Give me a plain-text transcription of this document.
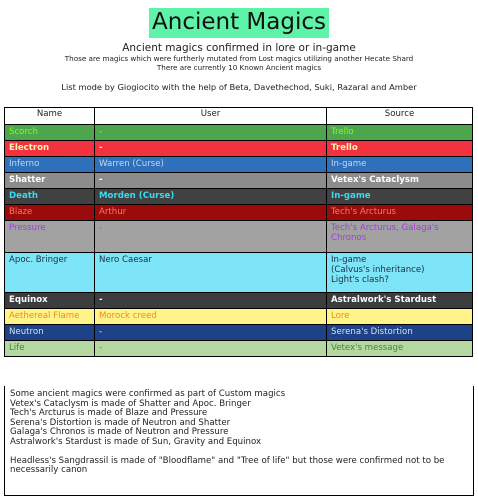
Ancient Magics
Ancient magics confirmed in lore or in-game
Those are magics which were furtherly mutated from Lost magics utilizing another Hecate Shard
There are currently 10 Known Ancient magics
List mode by Giogiocito with the help of Beta, Davethechod, Suki, Razaral and Amber
Name	User	Source
Scorch	-	Trello
Electron	-	Trello
Inferno	Warren (Curse)	In-game
Shatter	-	Vetex's Cataclysm
Death	Morden (Curse)	In-game
Blaze	Arthur	Tech's Arcturus
Pressure	-	Tech's Arcturus, Galaga's Chronos
Apoc. Bringer	Nero Caesar	In-game
(Calvus's inheritance)
Light's clash?
Equinox	-	Astralwork's Stardust
Aethereal Flame	Morock creed	Lore
Neutron	-	Serena's Distortion
Life	-	Vetex's message
Some ancient magics were confirmed as part of Custom magics
Vetex's Cataclysm is made of Shatter and Apoc. Bringer
Tech's Arcturus is made of Blaze and Pressure
Serena's Distortion is made of Neutron and Shatter
Galaga's Chronos is made of Neutron and Pressure
Astralwork's Stardust is made of Sun, Gravity and Equinox
Headless's Sangdrassil is made of "Bloodflame" and "Tree of life" but those were confirmed not to be necessarily canon
